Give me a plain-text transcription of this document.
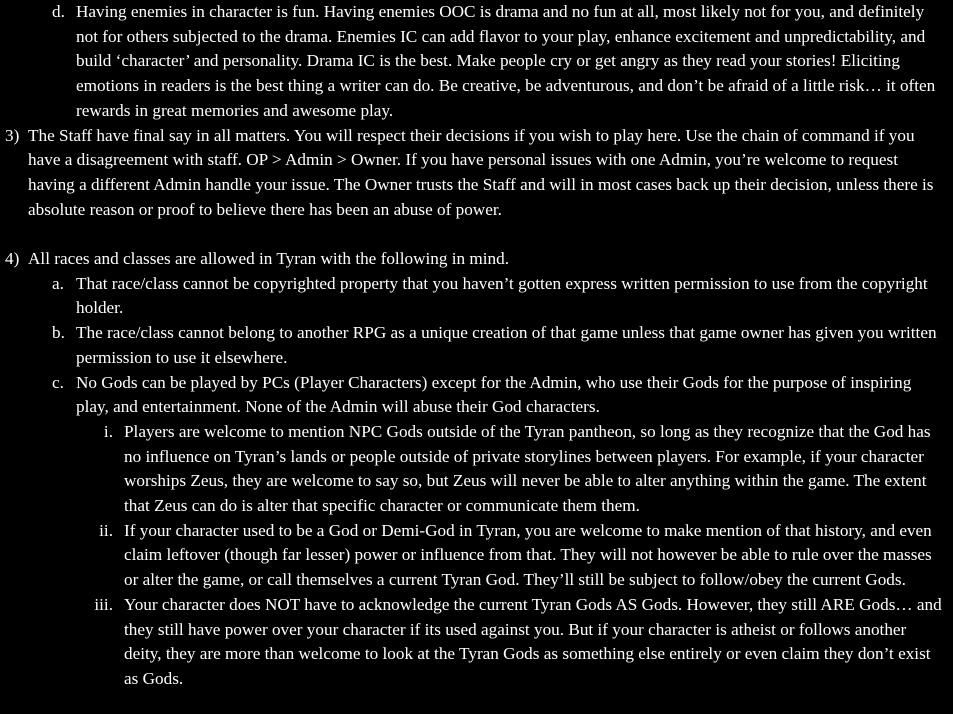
d. Having enemies in character is fun. Having enemies OOC is drama and no fun at all, most likely not for you, and definitely not for others subjected to the drama. Enemies IC can add flavor to your play, enhance excitement and unpredictability, and build ‘character’ and personality. Drama IC is the best. Make people cry or get angry as they read your stories! Eliciting emotions in readers is the best thing a writer can do. Be creative, be adventurous, and don’t be afraid of a little risk… it often rewards in great memories and awesome play.
3) The Staff have final say in all matters. You will respect their decisions if you wish to play here. Use the chain of command if you have a disagreement with staff. OP > Admin > Owner. If you have personal issues with one Admin, you’re welcome to request having a different Admin handle your issue. The Owner trusts the Staff and will in most cases back up their decision, unless there is absolute reason or proof to believe there has been an abuse of power.
4) All races and classes are allowed in Tyran with the following in mind.
a. That race/class cannot be copyrighted property that you haven’t gotten express written permission to use from the copyright holder.
b. The race/class cannot belong to another RPG as a unique creation of that game unless that game owner has given you written permission to use it elsewhere.
c. No Gods can be played by PCs (Player Characters) except for the Admin, who use their Gods for the purpose of inspiring play, and entertainment. None of the Admin will abuse their God characters.
i. Players are welcome to mention NPC Gods outside of the Tyran pantheon, so long as they recognize that the God has no influence on Tyran’s lands or people outside of private storylines between players. For example, if your character worships Zeus, they are welcome to say so, but Zeus will never be able to alter anything within the game. The extent that Zeus can do is alter that specific character or communicate them them.
ii. If your character used to be a God or Demi-God in Tyran, you are welcome to make mention of that history, and even claim leftover (though far lesser) power or influence from that. They will not however be able to rule over the masses or alter the game, or call themselves a current Tyran God. They’ll still be subject to follow/obey the current Gods.
iii. Your character does NOT have to acknowledge the current Tyran Gods AS Gods. However, they still ARE Gods… and they still have power over your character if its used against you. But if your character is atheist or follows another deity, they are more than welcome to look at the Tyran Gods as something else entirely or even claim they don’t exist as Gods.
